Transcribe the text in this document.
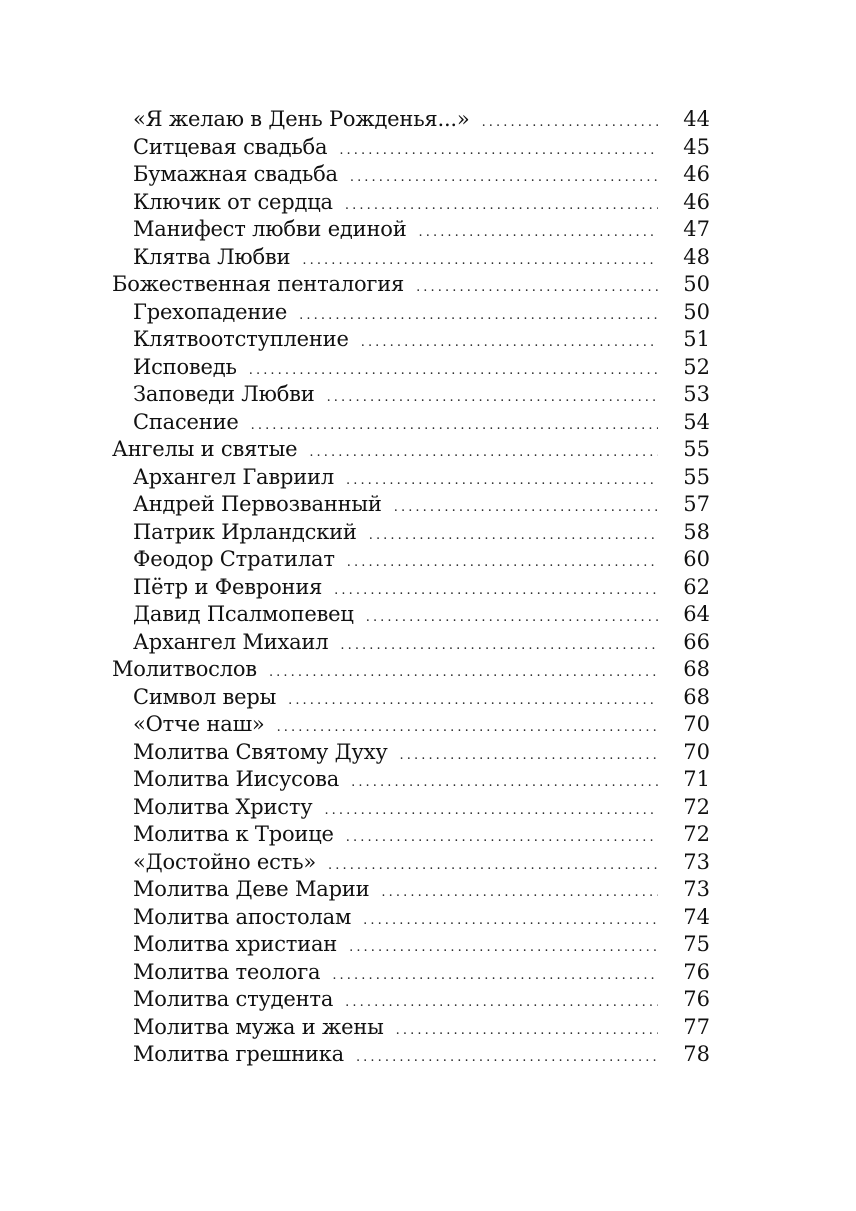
«Я желаю в День Рожденья...» .....	44
Ситцевая свадьба .....	45
Бумажная свадьба .....	46
Ключик от сердца .....	46
Манифест любви единой .....	47
Клятва Любви .....	48
Божественная пенталогия .....	50
Грехопадение .....	50
Клятвоотступление .....	51
Исповедь .....	52
Заповеди Любви .....	53
Спасение .....	54
Ангелы и святые .....	55
Архангел Гавриил .....	55
Андрей Первозванный .....	57
Патрик Ирландский .....	58
Феодор Стратилат .....	60
Пётр и Феврония .....	62
Давид Псалмопевец .....	64
Архангел Михаил .....	66
Молитвослов .....	68
Символ веры .....	68
«Отче наш» .....	70
Молитва Святому Духу .....	70
Молитва Иисусова .....	71
Молитва Христу .....	72
Молитва к Троице .....	72
«Достойно есть» .....	73
Молитва Деве Марии .....	73
Молитва апостолам .....	74
Молитва христиан .....	75
Молитва теолога .....	76
Молитва студента .....	76
Молитва мужа и жены .....	77
Молитва грешника .....	78
